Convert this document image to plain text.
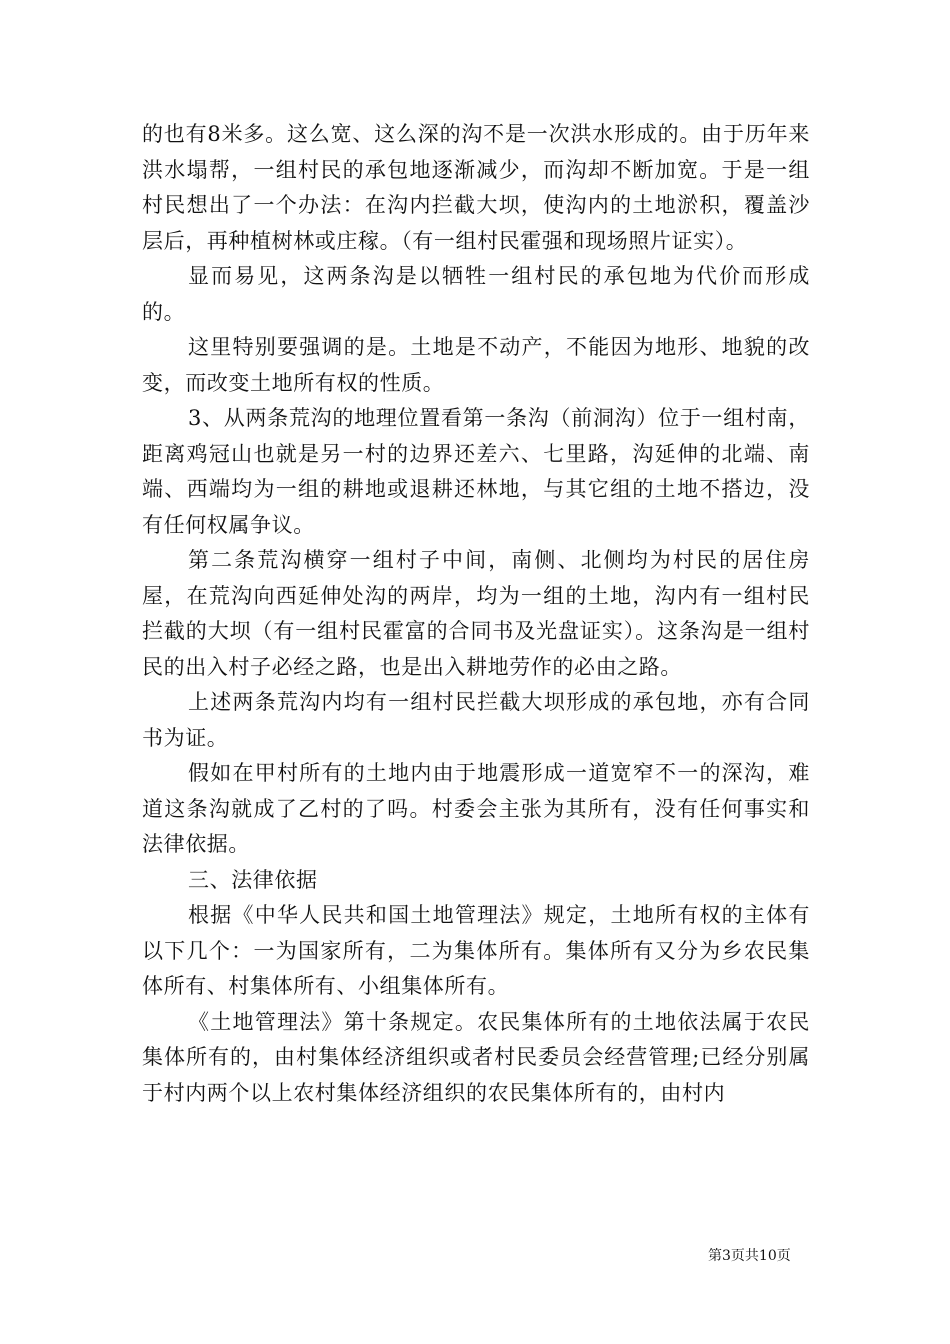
的也有8米多。这么宽、这么深的沟不是一次洪水形成的。由于历年来洪水塌帮，一组村民的承包地逐渐减少，而沟却不断加宽。于是一组村民想出了一个办法：在沟内拦截大坝，使沟内的土地淤积，覆盖沙层后，再种植树林或庄稼。（有一组村民霍强和现场照片证实）。

显而易见，这两条沟是以牺牲一组村民的承包地为代价而形成的。

这里特别要强调的是。土地是不动产，不能因为地形、地貌的改变，而改变土地所有权的性质。

3、从两条荒沟的地理位置看第一条沟（前洞沟）位于一组村南，距离鸡冠山也就是另一村的边界还差六、七里路，沟延伸的北端、南端、西端均为一组的耕地或退耕还林地，与其它组的土地不搭边，没有任何权属争议。

第二条荒沟横穿一组村子中间，南侧、北侧均为村民的居住房屋，在荒沟向西延伸处沟的两岸，均为一组的土地，沟内有一组村民拦截的大坝（有一组村民霍富的合同书及光盘证实）。这条沟是一组村民的出入村子必经之路，也是出入耕地劳作的必由之路。

上述两条荒沟内均有一组村民拦截大坝形成的承包地，亦有合同书为证。

假如在甲村所有的土地内由于地震形成一道宽窄不一的深沟，难道这条沟就成了乙村的了吗。村委会主张为其所有，没有任何事实和法律依据。

三、法律依据

根据《中华人民共和国土地管理法》规定，土地所有权的主体有以下几个：一为国家所有，二为集体所有。集体所有又分为乡农民集体所有、村集体所有、小组集体所有。

《土地管理法》第十条规定。农民集体所有的土地依法属于农民集体所有的，由村集体经济组织或者村民委员会经营管理;已经分别属于村内两个以上农村集体经济组织的农民集体所有的，由村内

第3页共10页
